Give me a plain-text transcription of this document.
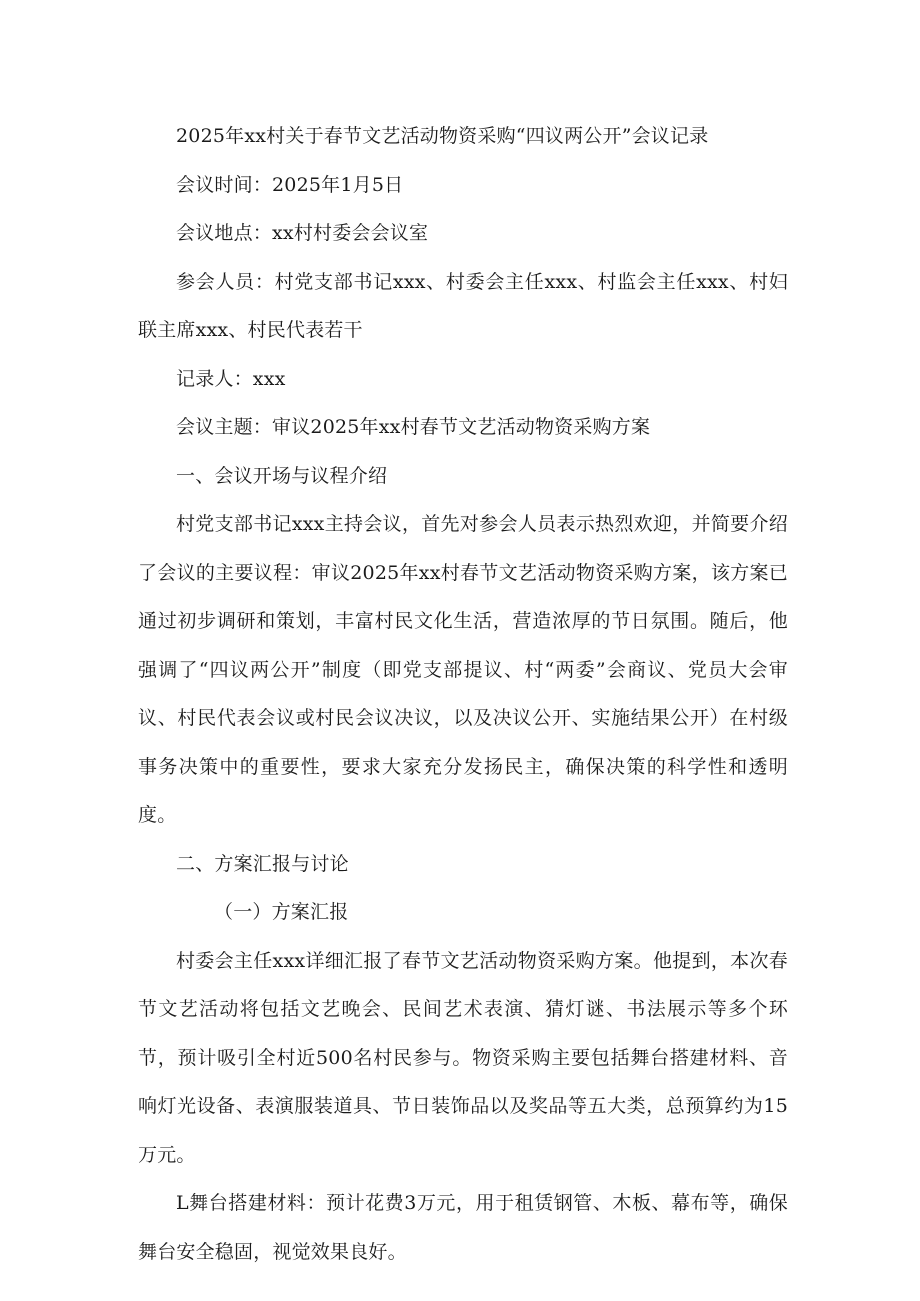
2025年xx村关于春节文艺活动物资采购“四议两公开”会议记录

会议时间：2025年1月5日

会议地点：xx村村委会会议室

参会人员：村党支部书记xxx、村委会主任xxx、村监会主任xxx、村妇联主席xxx、村民代表若干

记录人：xxx

会议主题：审议2025年xx村春节文艺活动物资采购方案

一、会议开场与议程介绍

村党支部书记xxx主持会议，首先对参会人员表示热烈欢迎，并简要介绍了会议的主要议程：审议2025年xx村春节文艺活动物资采购方案，该方案已通过初步调研和策划，丰富村民文化生活，营造浓厚的节日氛围。随后，他强调了“四议两公开”制度（即党支部提议、村“两委”会商议、党员大会审议、村民代表会议或村民会议决议，以及决议公开、实施结果公开）在村级事务决策中的重要性，要求大家充分发扬民主，确保决策的科学性和透明度。

二、方案汇报与讨论

（一）方案汇报

村委会主任xxx详细汇报了春节文艺活动物资采购方案。他提到，本次春节文艺活动将包括文艺晚会、民间艺术表演、猜灯谜、书法展示等多个环节，预计吸引全村近500名村民参与。物资采购主要包括舞台搭建材料、音响灯光设备、表演服装道具、节日装饰品以及奖品等五大类，总预算约为15万元。

L舞台搭建材料：预计花费3万元，用于租赁钢管、木板、幕布等，确保舞台安全稳固，视觉效果良好。
